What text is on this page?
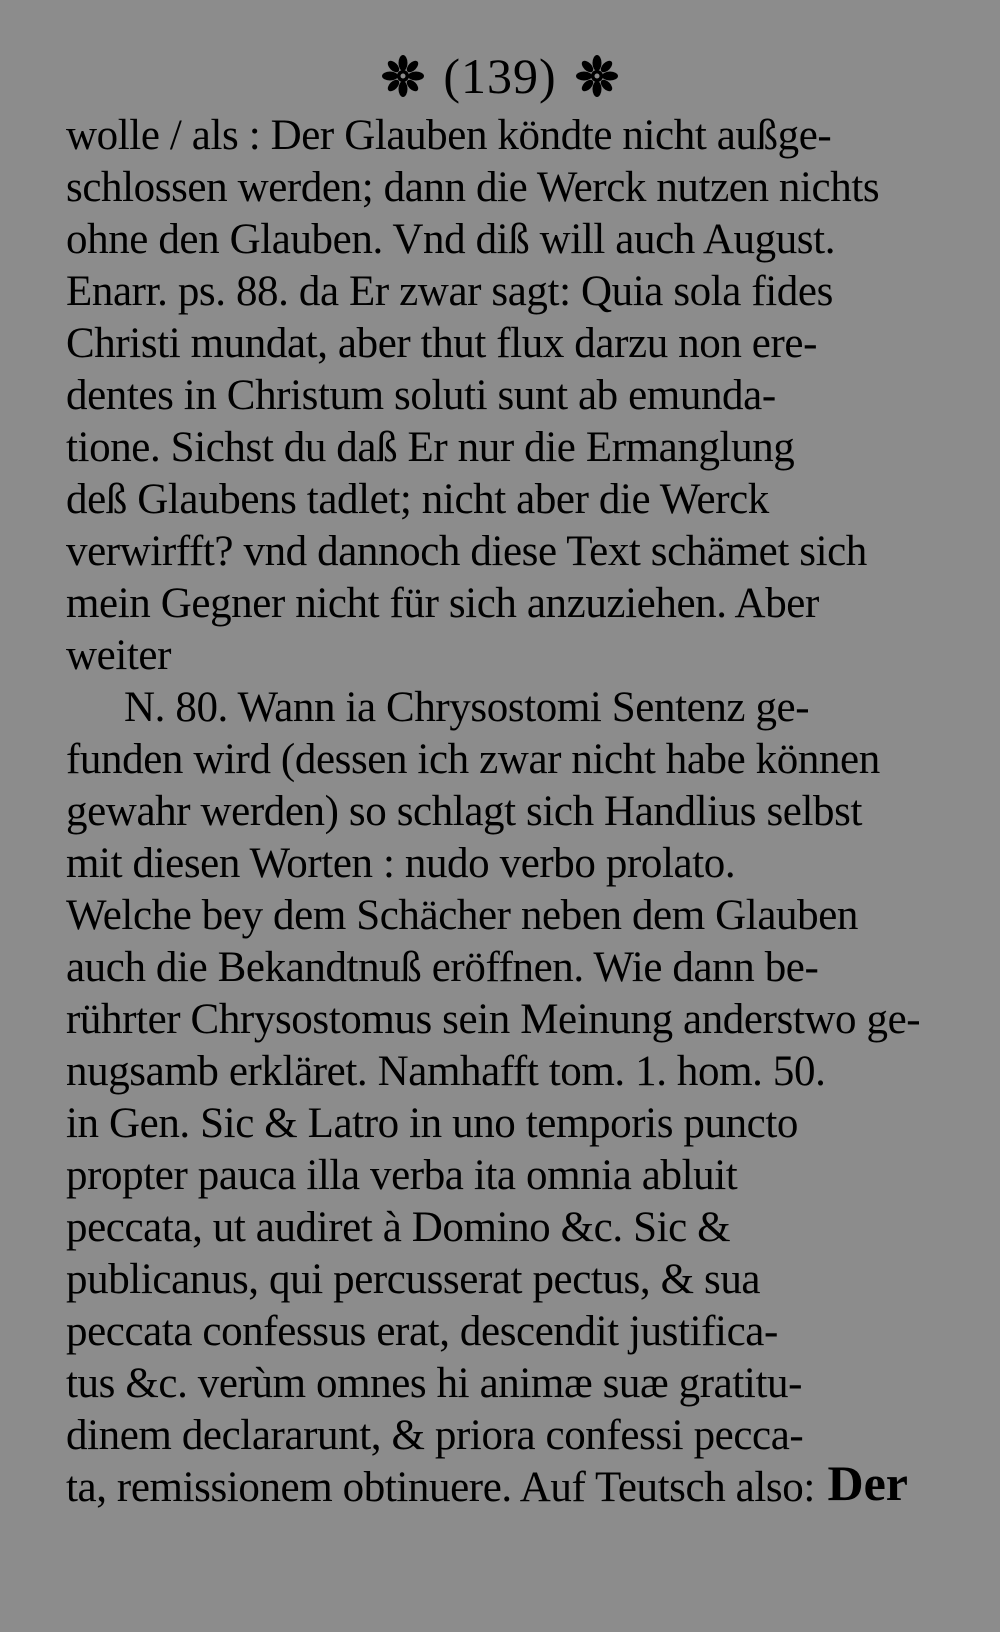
(139)
wolle / als : Der Glauben köndte nicht außge-
schlossen werden; dann die Werck nutzen nichts
ohne den Glauben. Vnd diß will auch August.
Enarr. ps. 88. da Er zwar sagt: Quia sola fides
Christi mundat, aber thut flux darzu non ere-
dentes in Christum soluti sunt ab emunda-
tione. Sichst du daß Er nur die Ermanglung
deß Glaubens tadlet; nicht aber die Werck
verwirfft? vnd dannoch diese Text schämet sich
mein Gegner nicht für sich anzuziehen. Aber
weiter
N. 80. Wann ia Chrysostomi Sentenz ge-
funden wird (dessen ich zwar nicht habe können
gewahr werden) so schlagt sich Handlius selbst
mit diesen Worten : nudo verbo prolato.
Welche bey dem Schächer neben dem Glauben
auch die Bekandtnuß eröffnen. Wie dann be-
rührter Chrysostomus sein Meinung anderstwo ge-
nugsamb erkläret. Namhafft tom. 1. hom. 50.
in Gen. Sic & Latro in uno temporis puncto
propter pauca illa verba ita omnia abluit
peccata, ut audiret à Domino &c. Sic &
publicanus, qui percusserat pectus, & sua
peccata confessus erat, descendit justifica-
tus &c. verùm omnes hi animæ suæ gratitu-
dinem declararunt, & priora confessi pecca-
ta, remissionem obtinuere. Auf Teutsch also: Der
